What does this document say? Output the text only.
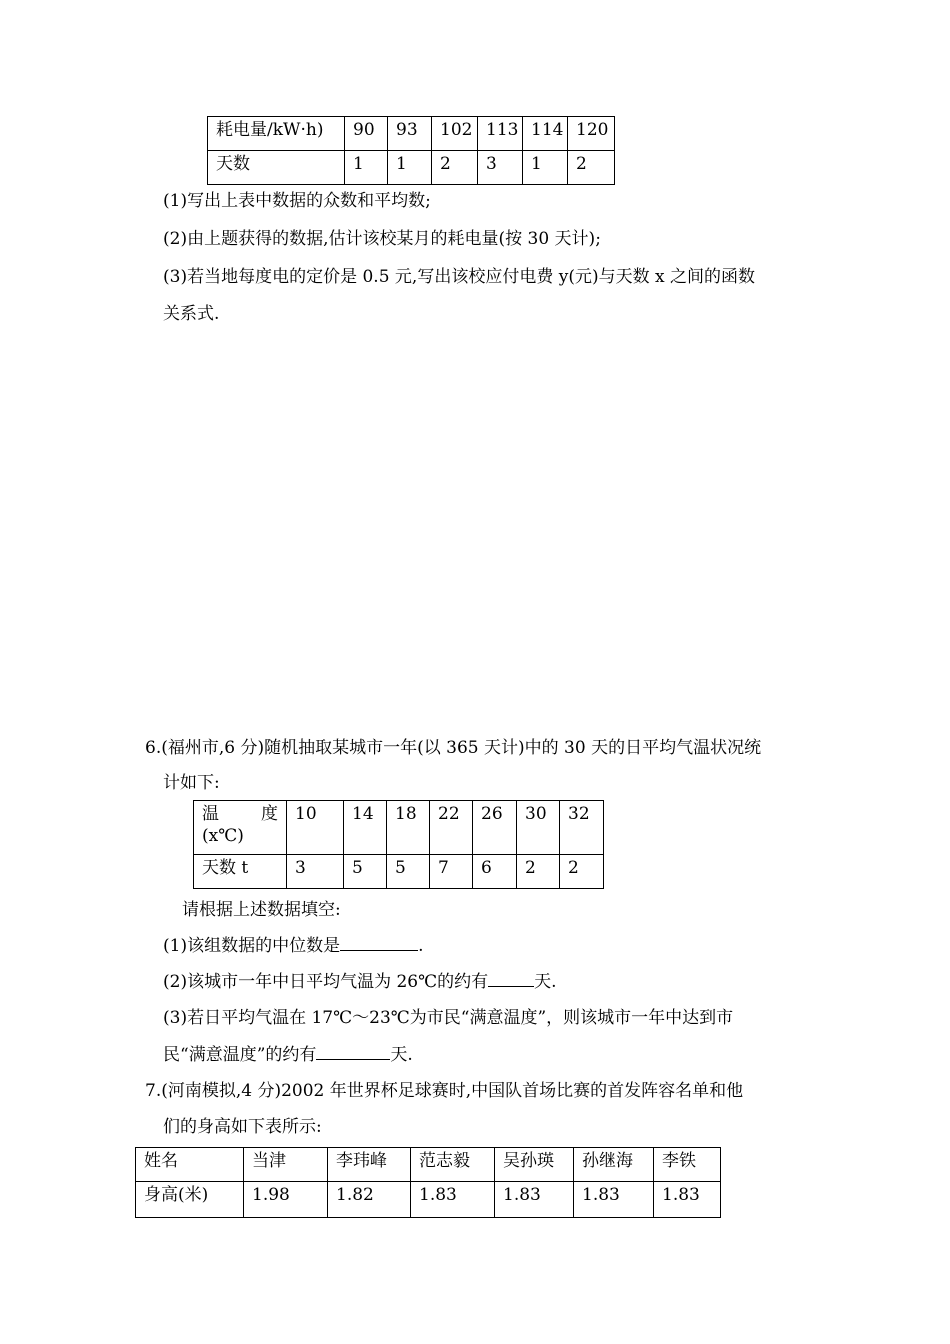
耗电量/kW·h)	90	93	102	113	114	120
天数	1	1	2	3	1	2
(1)写出上表中数据的众数和平均数;
(2)由上题获得的数据,估计该校某月的耗电量(按 30 天计);
(3)若当地每度电的定价是 0.5 元,写出该校应付电费 y(元)与天数 x 之间的函数
关系式.
6.(福州市,6 分)随机抽取某城市一年(以 365 天计)中的 30 天的日平均气温状况统
计如下:
温 度
(x℃)	10	14	18	22	26	30	32
天数 t	3	5	5	7	6	2	2
请根据上述数据填空:
(1)该组数据的中位数是	.
(2)该城市一年中日平均气温为 26℃的约有	天.
(3)若日平均气温在 17℃～23℃为市民“满意温度”，则该城市一年中达到市
民“满意温度”的约有	天.
7.(河南模拟,4 分)2002 年世界杯足球赛时,中国队首场比赛的首发阵容名单和他
们的身高如下表所示:
姓名	当津	李玮峰	范志毅	吴孙瑛	孙继海	李铁
身高(米)	1.98	1.82	1.83	1.83	1.83	1.83
